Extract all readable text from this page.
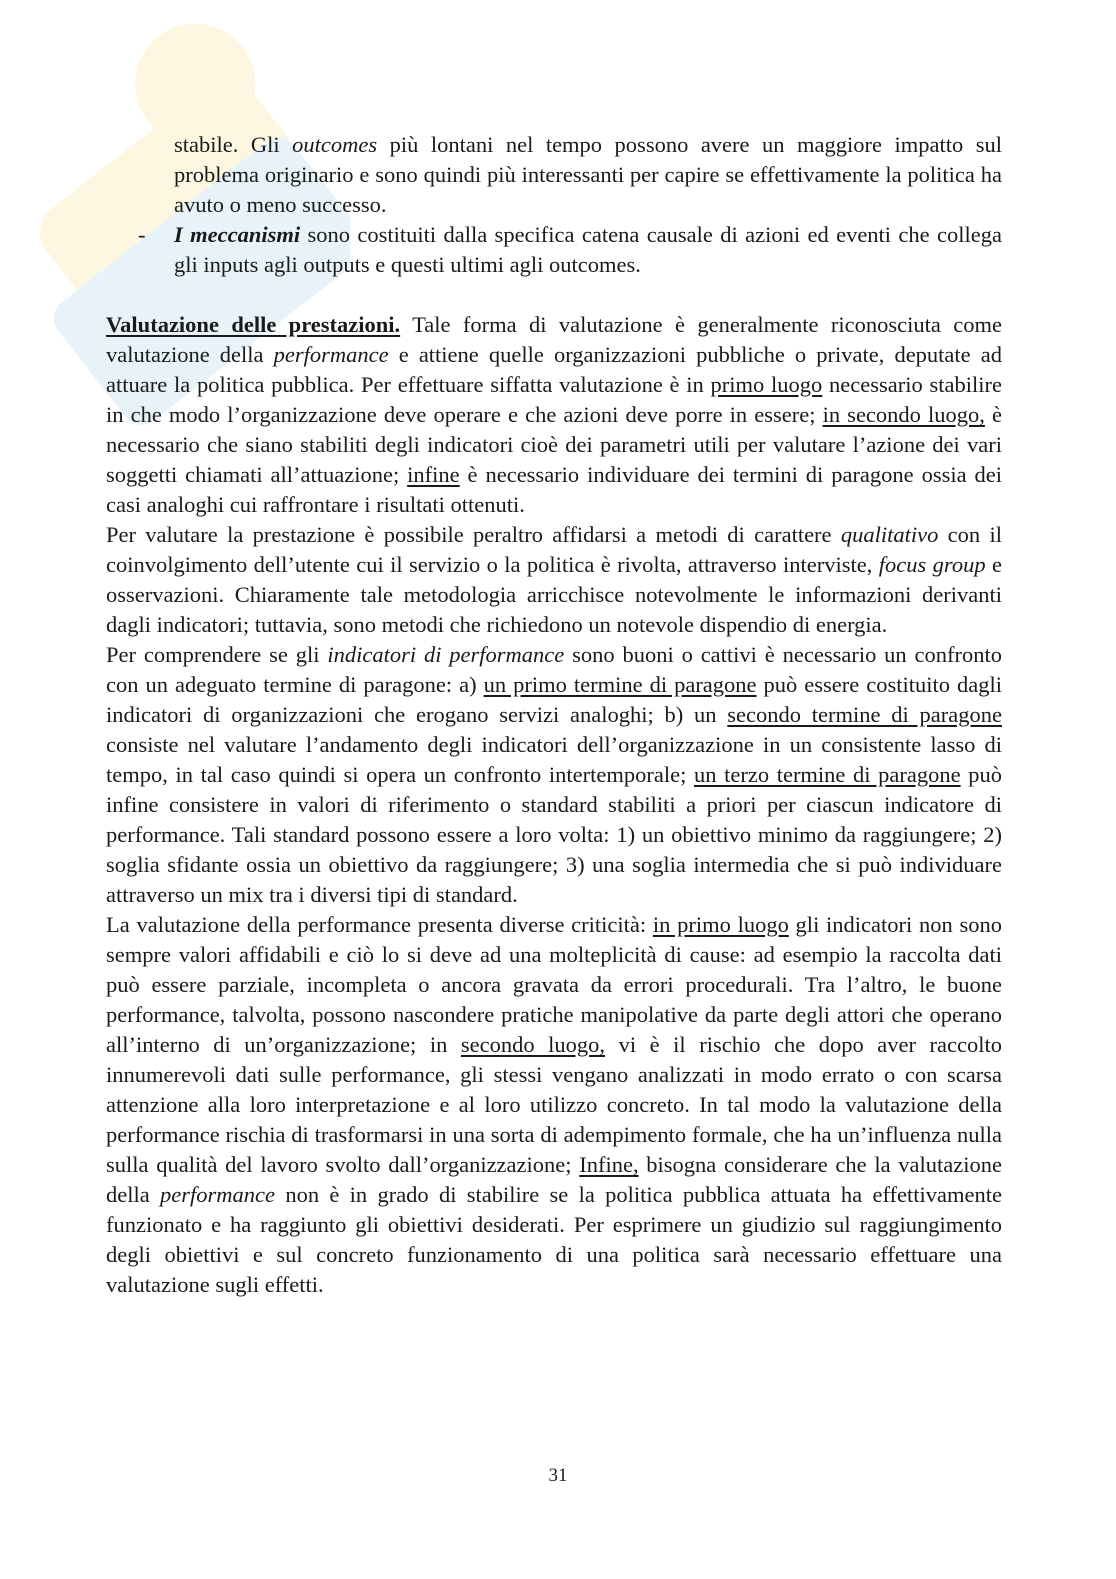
stabile. Gli outcomes più lontani nel tempo possono avere un maggiore impatto sul problema originario e sono quindi più interessanti per capire se effettivamente la politica ha avuto o meno successo.

- I meccanismi sono costituiti dalla specifica catena causale di azioni ed eventi che collega gli inputs agli outputs e questi ultimi agli outcomes.

Valutazione delle prestazioni. Tale forma di valutazione è generalmente riconosciuta come valutazione della performance e attiene quelle organizzazioni pubbliche o private, deputate ad attuare la politica pubblica. Per effettuare siffatta valutazione è in primo luogo necessario stabilire in che modo l’organizzazione deve operare e che azioni deve porre in essere; in secondo luogo, è necessario che siano stabiliti degli indicatori cioè dei parametri utili per valutare l’azione dei vari soggetti chiamati all’attuazione; infine è necessario individuare dei termini di paragone ossia dei casi analoghi cui raffrontare i risultati ottenuti.

Per valutare la prestazione è possibile peraltro affidarsi a metodi di carattere qualitativo con il coinvolgimento dell’utente cui il servizio o la politica è rivolta, attraverso interviste, focus group e osservazioni. Chiaramente tale metodologia arricchisce notevolmente le informazioni derivanti dagli indicatori; tuttavia, sono metodi che richiedono un notevole dispendio di energia.

Per comprendere se gli indicatori di performance sono buoni o cattivi è necessario un confronto con un adeguato termine di paragone: a) un primo termine di paragone può essere costituito dagli indicatori di organizzazioni che erogano servizi analoghi; b) un secondo termine di paragone consiste nel valutare l’andamento degli indicatori dell’organizzazione in un consistente lasso di tempo, in tal caso quindi si opera un confronto intertemporale; un terzo termine di paragone può infine consistere in valori di riferimento o standard stabiliti a priori per ciascun indicatore di performance. Tali standard possono essere a loro volta: 1) un obiettivo minimo da raggiungere; 2) soglia sfidante ossia un obiettivo da raggiungere; 3) una soglia intermedia che si può individuare attraverso un mix tra i diversi tipi di standard.

La valutazione della performance presenta diverse criticità: in primo luogo gli indicatori non sono sempre valori affidabili e ciò lo si deve ad una molteplicità di cause: ad esempio la raccolta dati può essere parziale, incompleta o ancora gravata da errori procedurali. Tra l’altro, le buone performance, talvolta, possono nascondere pratiche manipolative da parte degli attori che operano all’interno di un’organizzazione; in secondo luogo, vi è il rischio che dopo aver raccolto innumerevoli dati sulle performance, gli stessi vengano analizzati in modo errato o con scarsa attenzione alla loro interpretazione e al loro utilizzo concreto. In tal modo la valutazione della performance rischia di trasformarsi in una sorta di adempimento formale, che ha un’influenza nulla sulla qualità del lavoro svolto dall’organizzazione; Infine, bisogna considerare che la valutazione della performance non è in grado di stabilire se la politica pubblica attuata ha effettivamente funzionato e ha raggiunto gli obiettivi desiderati. Per esprimere un giudizio sul raggiungimento degli obiettivi e sul concreto funzionamento di una politica sarà necessario effettuare una valutazione sugli effetti.

31
